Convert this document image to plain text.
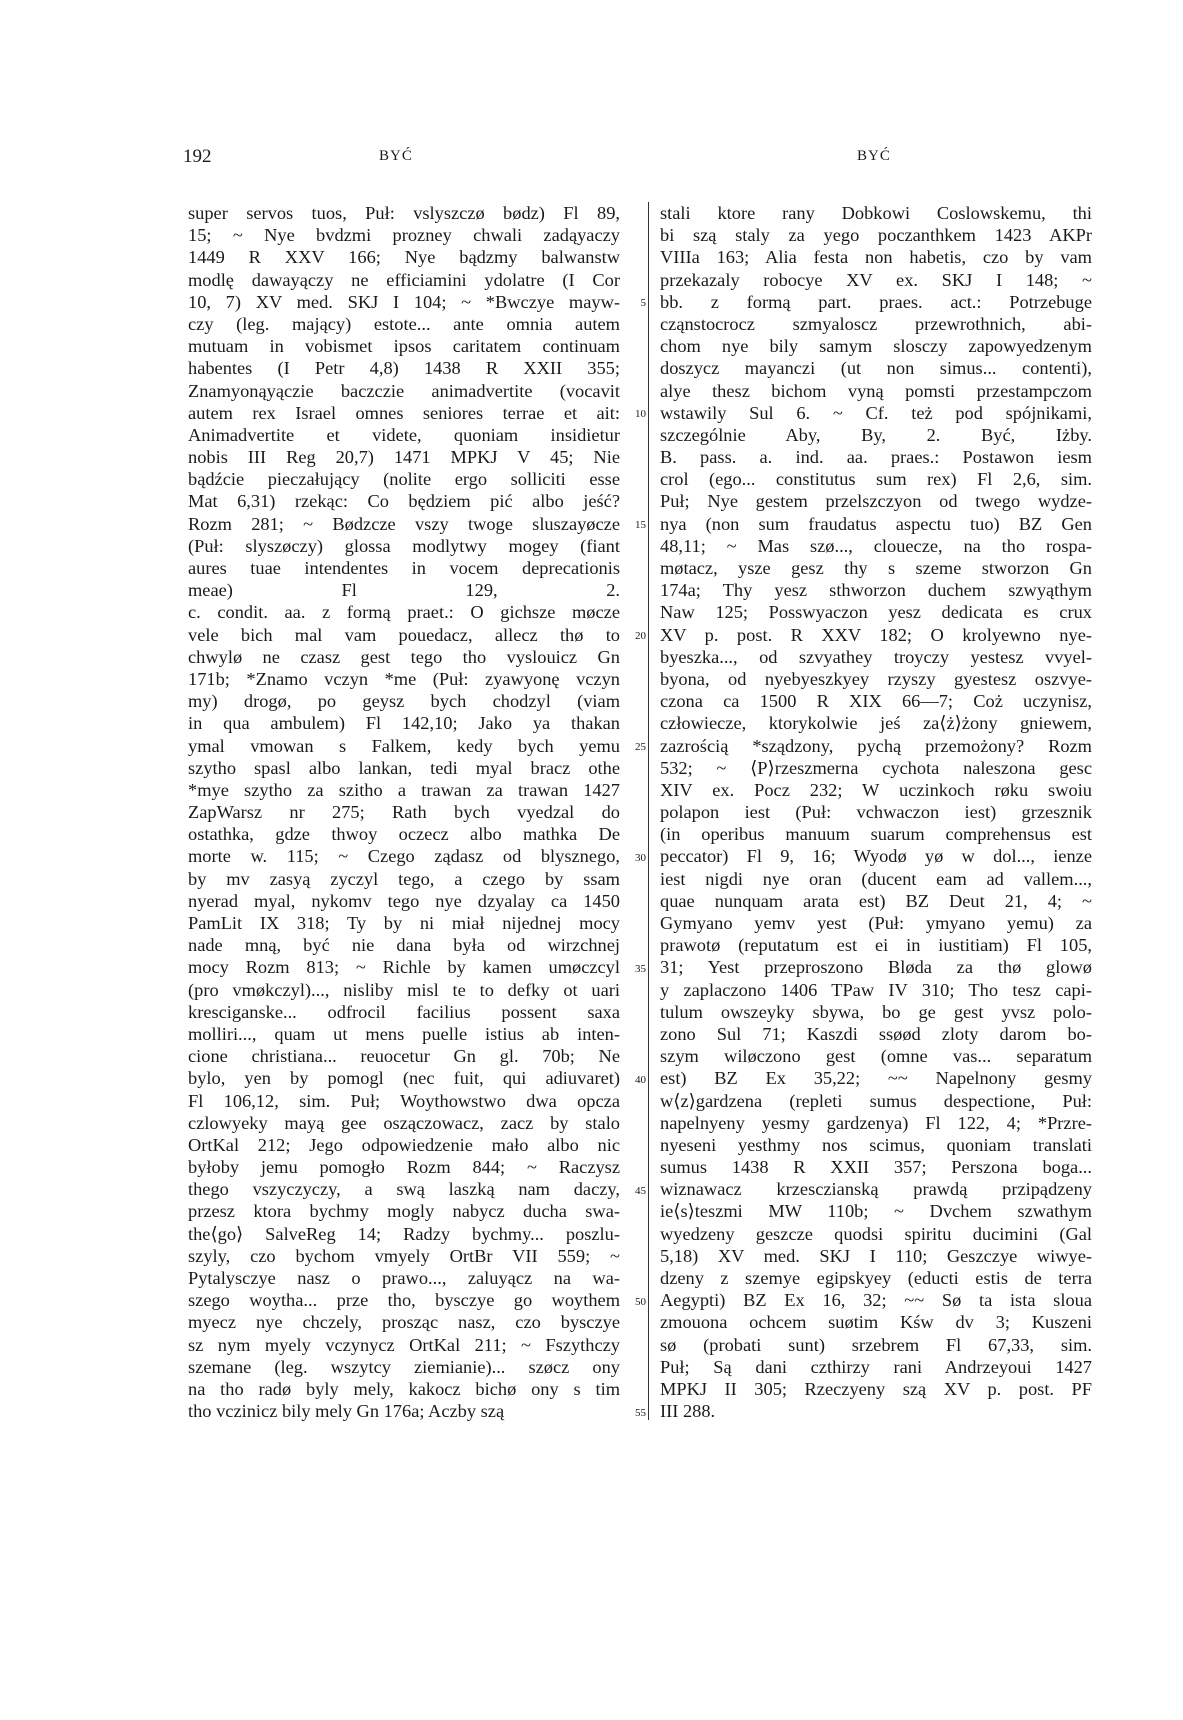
192	BYĆ	BYĆ
super servos tuos, Puł: vslyszczø bødz) Fl 89,
15; ~ Nye bvdzmi prozney chwali zadąyaczy
1449 R XXV 166; Nye bądzmy balwanstw
modlę dawayączy ne efficiamini ydolatre (I Cor
10, 7) XV med. SKJ I 104; ~ *Bwczye mayw-
czy (leg. mający) estote... ante omnia autem
mutuam in vobismet ipsos caritatem continuam
habentes (I Petr 4,8) 1438 R XXII 355;
Znamyonąyączie baczczie animadvertite (vocavit
autem rex Israel omnes seniores terrae et ait:
Animadvertite et videte, quoniam insidietur
nobis III Reg 20,7) 1471 MPKJ V 45; Nie
bądźcie pieczałujący (nolite ergo solliciti esse
Mat 6,31) rzekąc: Co będziem pić albo jeść?
Rozm 281; ~ Bødzcze vszy twoge sluszayøcze
(Puł: slyszøczy) glossa modlytwy mogey (fiant
aures tuae intendentes in vocem deprecationis
meae) Fl 129, 2.
c. condit. aa. z formą praet.: O gichsze møcze
vele bich mal vam pouedacz, allecz thø to
chwylø ne czasz gest tego tho vyslouicz Gn
171b; *Znamo vczyn *me (Puł: zyawyonę vczyn
my) drogø, po geysz bych chodzyl (viam
in qua ambulem) Fl 142,10; Jako ya thakan
ymal vmowan s Falkem, kedy bych yemu
szytho spasl albo lankan, tedi myal bracz othe
*mye szytho za szitho a trawan za trawan 1427
ZapWarsz nr 275; Rath bych vyedzal do
ostathka, gdze thwoy oczecz albo mathka De
morte w. 115; ~ Czego ządasz od blysznego,
by mv zasyą zyczyl tego, a czego by ssam
nyerad myal, nykomv tego nye dzyalay ca 1450
PamLit IX 318; Ty by ni miał nijednej mocy
nade mną, być nie dana była od wirzchnej
mocy Rozm 813; ~ Richle by kamen umøczcyl
(pro vmøkczyl)..., nisliby misl te to defky ot uari
kresciganske... odfrocil facilius possent saxa
molliri..., quam ut mens puelle istius ab inten-
cione christiana... reuocetur Gn gl. 70b; Ne
bylo, yen by pomogl (nec fuit, qui adiuvaret)
Fl 106,12, sim. Puł; Woythowstwo dwa opcza
czlowyeky mayą gee oszączowacz, zacz by stalo
OrtKal 212; Jego odpowiedzenie mało albo nic
byłoby jemu pomogło Rozm 844; ~ Raczysz
thego vszyczyczy, a swą laszką nam daczy,
przesz ktora bychmy mogly nabycz ducha swa-
the⟨go⟩ SalveReg 14; Radzy bychmy... poszlu-
szyly, czo bychom vmyely OrtBr VII 559; ~
Pytalysczye nasz o prawo..., zaluyącz na wa-
szego woytha... prze tho, bysczye go woythem
myecz nye chczely, prosząc nasz, czo bysczye
sz nym myely vczynycz OrtKal 211; ~ Fszythczy
szemane (leg. wszytcy ziemianie)... szøcz ony
na tho radø byly mely, kakocz bichø ony s tim
tho vczinicz bily mely Gn 176a; Aczby szą
5
10
15
20
25
30
35
40
45
50
55
stali ktore rany Dobkowi Coslowskemu, thi
bi szą staly za yego poczanthkem 1423 AKPr
VIIIa 163; Alia festa non habetis, czo by vam
przekazaly robocye XV ex. SKJ I 148; ~
bb. z formą part. praes. act.: Potrzebuge
cząnstocrocz szmyaloscz przewrothnich, abi-
chom nye bily samym slosczy zapowyedzenym
doszycz mayanczi (ut non simus... contenti),
alye thesz bichom vyną pomsti przestampczom
wstawily Sul 6. ~ Cf. też pod spójnikami,
szczególnie Aby, By, 2. Być, Iżby.
B. pass. a. ind. aa. praes.: Postawon iesm
crol (ego... constitutus sum rex) Fl 2,6, sim.
Puł; Nye gestem przelszczyon od twego wydze-
nya (non sum fraudatus aspectu tuo) BZ Gen
48,11; ~ Mas szø..., clouecze, na tho rospa-
møtacz, ysze gesz thy s szeme stworzon Gn
174a; Thy yesz sthworzon duchem szwyąthym
Naw 125; Posswyaczon yesz dedicata es crux
XV p. post. R XXV 182; O krolyewno nye-
byeszka..., od szvyathey troyczy yestesz vvyel-
byona, od nyebyeszkyey rzyszy gyestesz oszvye-
czona ca 1500 R XIX 66—7; Coż uczynisz,
człowiecze, ktorykolwie jeś za⟨ż⟩żony gniewem,
zazrością *sządzony, pychą przemożony? Rozm
532; ~ ⟨P⟩rzeszmerna cychota naleszona gesc
XIV ex. Pocz 232; W uczinkoch røku swoiu
polapon iest (Puł: vchwaczon iest) grzesznik
(in operibus manuum suarum comprehensus est
peccator) Fl 9, 16; Wyodø yø w dol..., ienze
iest nigdi nye oran (ducent eam ad vallem...,
quae nunquam arata est) BZ Deut 21, 4; ~
Gymyano yemv yest (Puł: ymyano yemu) za
prawotø (reputatum est ei in iustitiam) Fl 105,
31; Yest przeproszono Bløda za thø glowø
y zaplaczono 1406 TPaw IV 310; Tho tesz capi-
tulum owszeyky sbywa, bo ge gest yvsz polo-
zono Sul 71; Kaszdi ssøød zloty darom bo-
szym wiløczono gest (omne vas... separatum
est) BZ Ex 35,22; ~~ Napelnony gesmy
w⟨z⟩gardzena (repleti sumus despectione, Puł:
napelnyeny yesmy gardzenya) Fl 122, 4; *Przre-
nyeseni yesthmy nos scimus, quoniam translati
sumus 1438 R XXII 357; Perszona boga...
wiznawacz krzesczianską prawdą przipądzeny
ie⟨s⟩teszmi MW 110b; ~ Dvchem szwathym
wyedzeny geszcze quodsi spiritu ducimini (Gal
5,18) XV med. SKJ I 110; Geszczye wiwye-
dzeny z szemye egipskyey (educti estis de terra
Aegypti) BZ Ex 16, 32; ~~ Sø ta ista sloua
zmouona ochcem suøtim Kśw dv 3; Kuszeni
sø (probati sunt) srzebrem Fl 67,33, sim.
Puł; Są dani czthirzy rani Andrzeyoui 1427
MPKJ II 305; Rzeczyeny szą XV p. post. PF
III 288.
